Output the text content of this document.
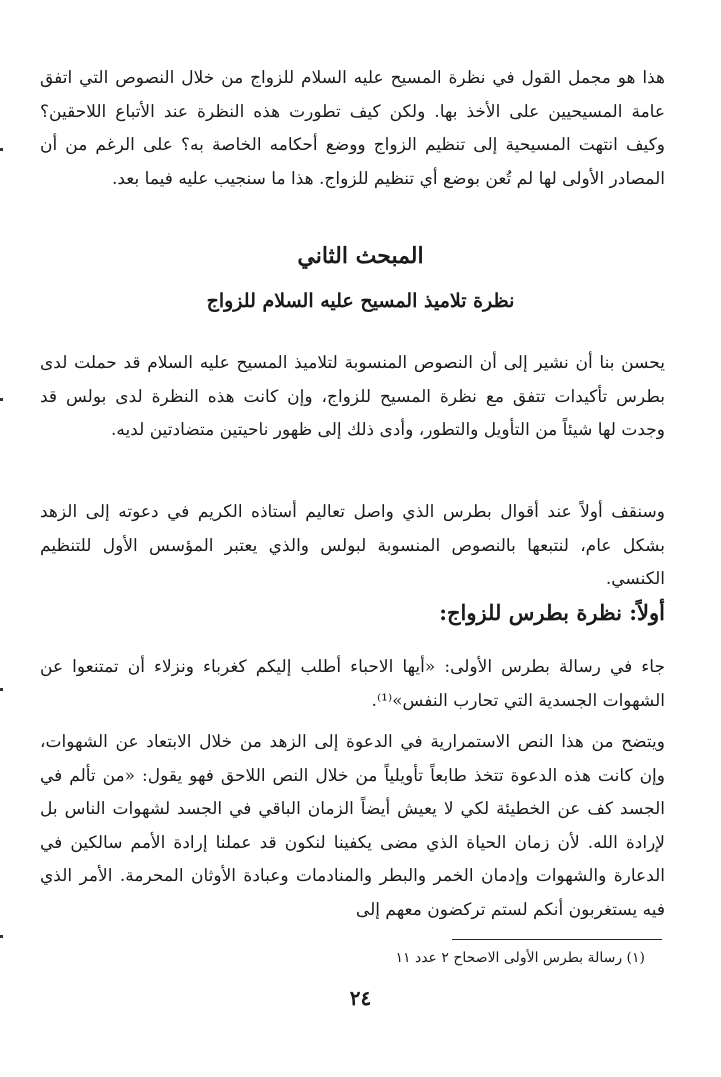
هذا هو مجمل القول في نظرة المسيح عليه السلام للزواج من خلال النصوص التي اتفق عامة المسيحيين على الأخذ بها. ولكن كيف تطورت هذه النظرة عند الأتباع اللاحقين؟ وكيف انتهت المسيحية إلى تنظيم الزواج ووضع أحكامه الخاصة به؟ على الرغم من أن المصادر الأولى لها لم تُعن بوضع أي تنظيم للزواج. هذا ما سنجيب عليه فيما بعد.

المبحث الثاني
نظرة تلاميذ المسيح عليه السلام للزواج

يحسن بنا أن نشير إلى أن النصوص المنسوبة لتلاميذ المسيح عليه السلام قد حملت لدى بطرس تأكيدات تتفق مع نظرة المسيح للزواج، وإن كانت هذه النظرة لدى بولس قد وجدت لها شيئاً من التأويل والتطور، وأدى ذلك إلى ظهور ناحيتين متضادتين لديه.

وسنقف أولاً عند أقوال بطرس الذي واصل تعاليم أستاذه الكريم في دعوته إلى الزهد بشكل عام، لنتبعها بالنصوص المنسوبة لبولس والذي يعتبر المؤسس الأول للتنظيم الكنسي.

أولاً: نظرة بطرس للزواج:

جاء في رسالة بطرس الأولى: «أيها الاحباء أطلب إليكم كغرباء ونزلاء أن تمتنعوا عن الشهوات الجسدية التي تحارب النفس»⁽¹⁾.

ويتضح من هذا النص الاستمرارية في الدعوة إلى الزهد من خلال الابتعاد عن الشهوات، وإن كانت هذه الدعوة تتخذ طابعاً تأويلياً من خلال النص اللاحق فهو يقول: «من تألم في الجسد كف عن الخطيئة لكي لا يعيش أيضاً الزمان الباقي في الجسد لشهوات الناس بل لإرادة الله. لأن زمان الحياة الذي مضى يكفينا لنكون قد عملنا إرادة الأمم سالكين في الدعارة والشهوات وإدمان الخمر والبطر والمنادمات وعبادة الأوثان المحرمة. الأمر الذي فيه يستغربون أنكم لستم تركضون معهم إلى

(١) رسالة بطرس الأولى الاصحاح ٢ عدد ١١
٢٤
